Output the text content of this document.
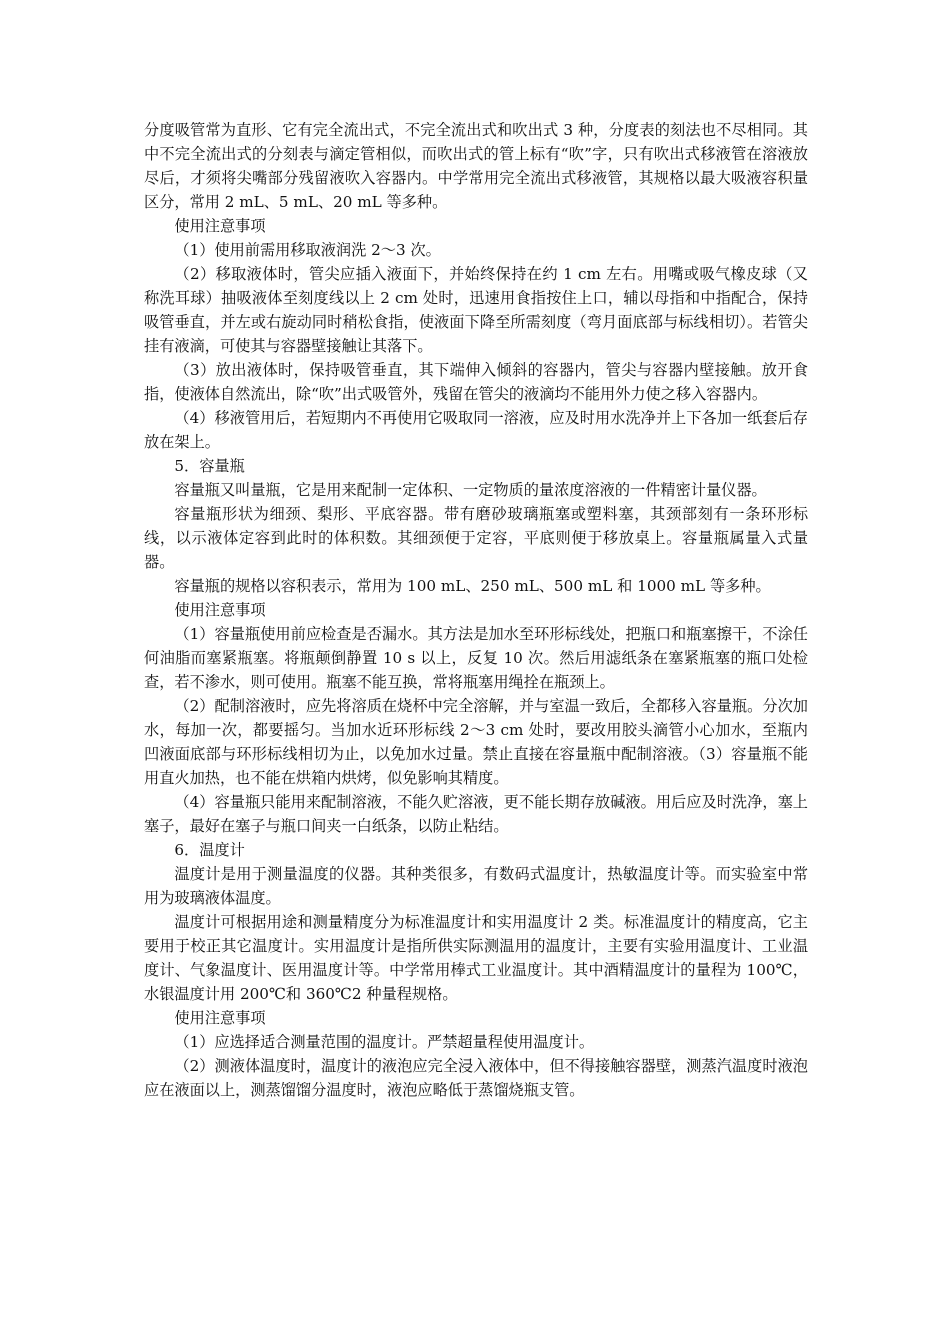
分度吸管常为直形、它有完全流出式，不完全流出式和吹出式 3 种，分度表的刻法也不尽相同。其中不完全流出式的分刻表与滴定管相似，而吹出式的管上标有“吹”字，只有吹出式移液管在溶液放尽后，才须将尖嘴部分残留液吹入容器内。中学常用完全流出式移液管，其规格以最大吸液容积量区分，常用 2 mL、5 mL、20 mL 等多种。

使用注意事项

（1）使用前需用移取液润洗 2～3 次。

（2）移取液体时，管尖应插入液面下，并始终保持在约 1 cm 左右。用嘴或吸气橡皮球（又称洗耳球）抽吸液体至刻度线以上 2 cm 处时，迅速用食指按住上口，辅以母指和中指配合，保持吸管垂直，并左或右旋动同时稍松食指，使液面下降至所需刻度（弯月面底部与标线相切）。若管尖挂有液滴，可使其与容器壁接触让其落下。

（3）放出液体时，保持吸管垂直，其下端伸入倾斜的容器内，管尖与容器内壁接触。放开食指，使液体自然流出，除“吹”出式吸管外，残留在管尖的液滴均不能用外力使之移入容器内。

（4）移液管用后，若短期内不再使用它吸取同一溶液，应及时用水洗净并上下各加一纸套后存放在架上。

5．容量瓶

容量瓶又叫量瓶，它是用来配制一定体积、一定物质的量浓度溶液的一件精密计量仪器。

容量瓶形状为细颈、梨形、平底容器。带有磨砂玻璃瓶塞或塑料塞，其颈部刻有一条环形标线，以示液体定容到此时的体积数。其细颈便于定容，平底则便于移放桌上。容量瓶属量入式量器。

容量瓶的规格以容积表示，常用为 100 mL、250 mL、500 mL 和 1000 mL 等多种。

使用注意事项

（1）容量瓶使用前应检查是否漏水。其方法是加水至环形标线处，把瓶口和瓶塞擦干，不涂任何油脂而塞紧瓶塞。将瓶颠倒静置 10 s 以上，反复 10 次。然后用滤纸条在塞紧瓶塞的瓶口处检查，若不渗水，则可使用。瓶塞不能互换，常将瓶塞用绳拴在瓶颈上。

（2）配制溶液时，应先将溶质在烧杯中完全溶解，并与室温一致后，全都移入容量瓶。分次加水，每加一次，都要摇匀。当加水近环形标线 2～3 cm 处时，要改用胶头滴管小心加水，至瓶内凹液面底部与环形标线相切为止，以免加水过量。禁止直接在容量瓶中配制溶液。（3）容量瓶不能用直火加热，也不能在烘箱内烘烤，似免影响其精度。

（4）容量瓶只能用来配制溶液，不能久贮溶液，更不能长期存放碱液。用后应及时洗净，塞上塞子，最好在塞子与瓶口间夹一白纸条，以防止粘结。

6．温度计

温度计是用于测量温度的仪器。其种类很多，有数码式温度计，热敏温度计等。而实验室中常用为玻璃液体温度。

温度计可根据用途和测量精度分为标准温度计和实用温度计 2 类。标准温度计的精度高，它主要用于校正其它温度计。实用温度计是指所供实际测温用的温度计，主要有实验用温度计、工业温度计、气象温度计、医用温度计等。中学常用棒式工业温度计。其中酒精温度计的量程为 100℃，水银温度计用 200℃和 360℃2 种量程规格。

使用注意事项

（1）应选择适合测量范围的温度计。严禁超量程使用温度计。

（2）测液体温度时，温度计的液泡应完全浸入液体中，但不得接触容器壁，测蒸汽温度时液泡应在液面以上，测蒸馏馏分温度时，液泡应略低于蒸馏烧瓶支管。
